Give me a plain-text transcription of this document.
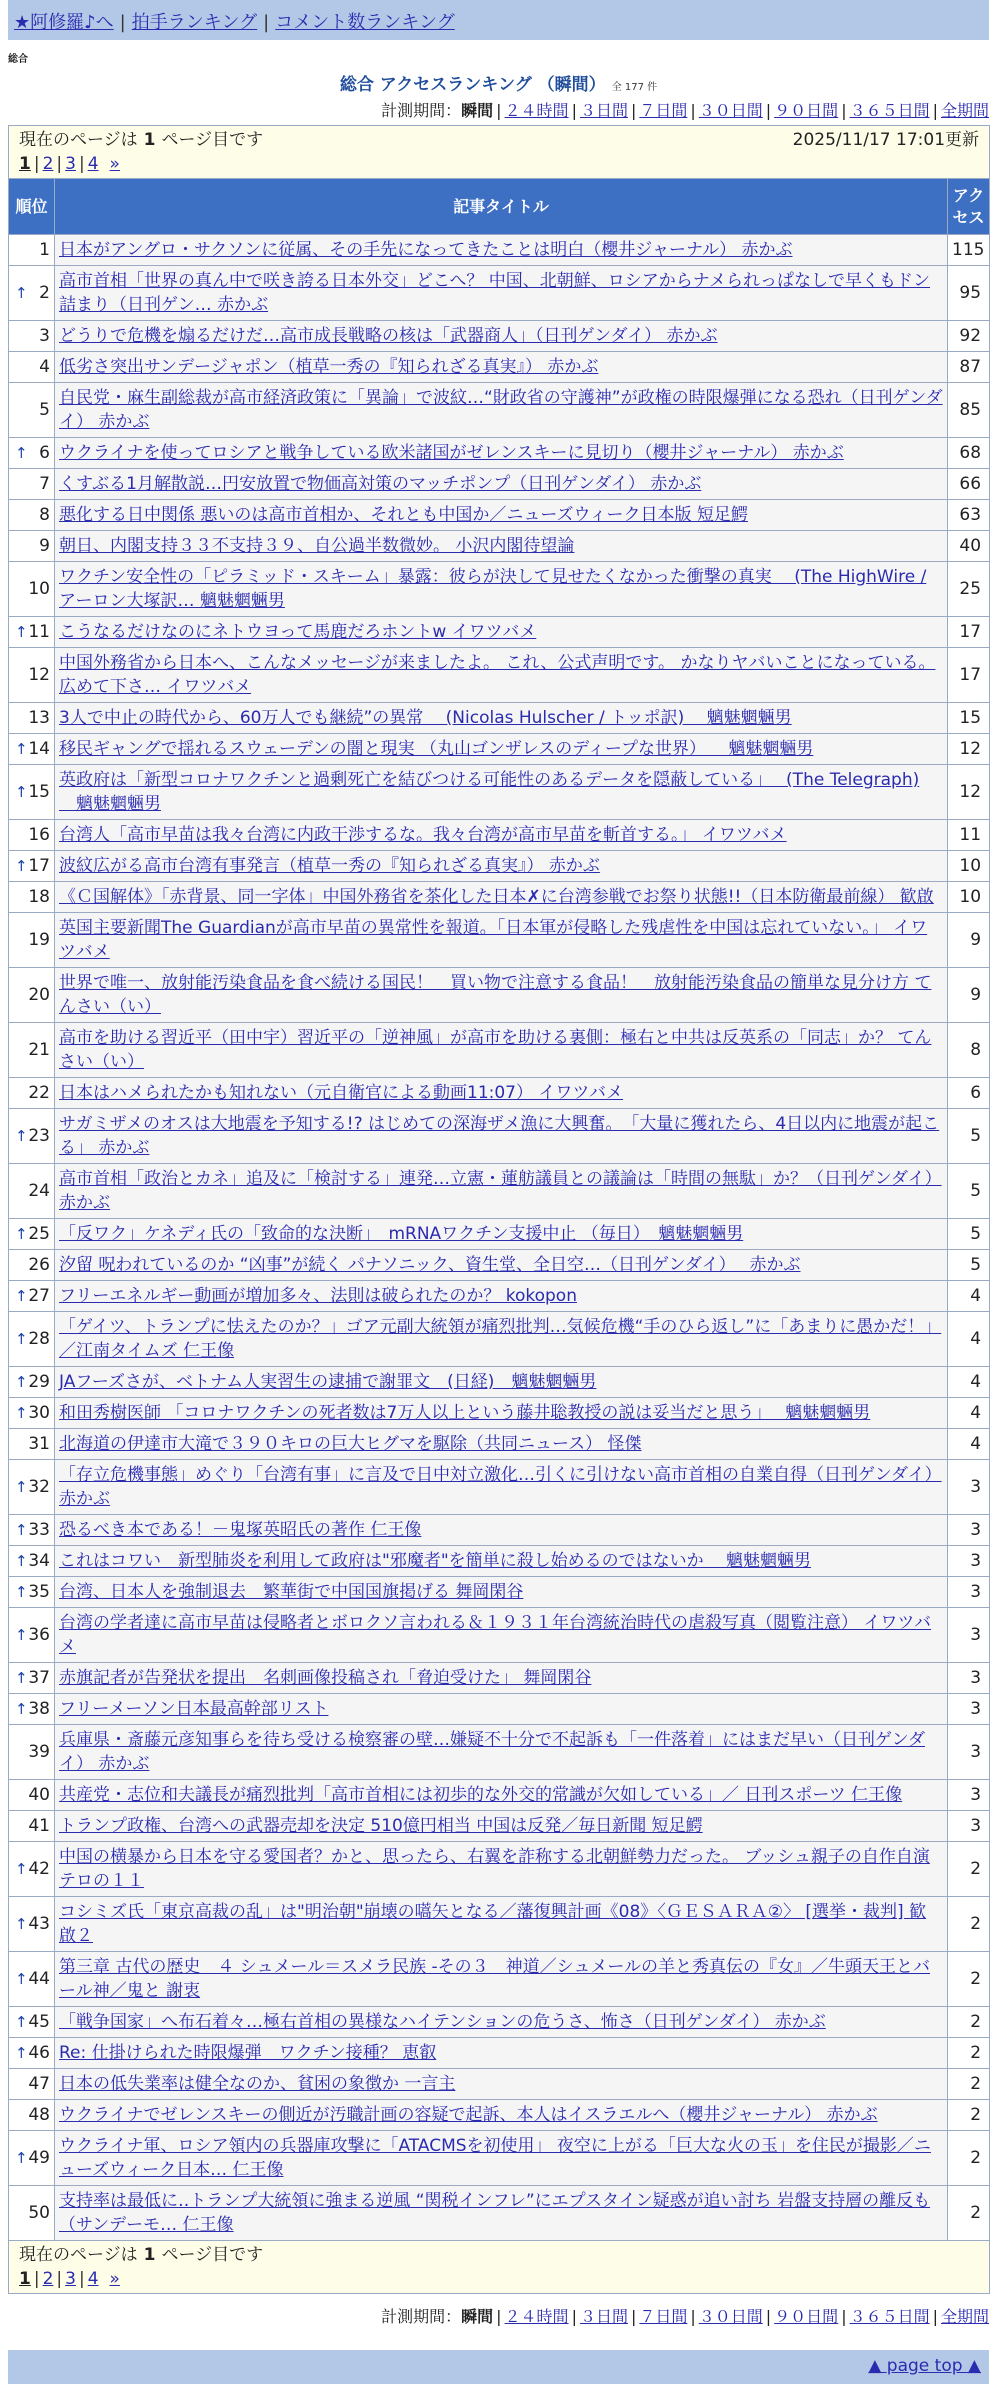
★阿修羅♪へ | 拍手ランキング | コメント数ランキング
総合
総合 アクセスランキング （瞬間） 全 177 件
計測期間：瞬間 | ２４時間 | ３日間 | ７日間 | ３０日間 | ９０日間 | ３６５日間 | 全期間
現在のページは 1 ページ目です 2025/11/17 17:01更新
1 | 2 | 3 | 4 »		

順位	記事タイトル	アクセス
1	日本がアングロ・サクソンに従属、その手先になってきたことは明白（櫻井ジャーナル） 赤かぶ	115

↑ 2	高市首相「世界の真ん中で咲き誇る日本外交」どこへ？ 中国、北朝鮮、ロシアからナメられっぱなしで早くもドン詰まり（日刊ゲン… 赤かぶ	95
3	どうりで危機を煽るだけだ…高市成長戦略の核は「武器商人」（日刊ゲンダイ） 赤かぶ	92
4	低劣さ突出サンデージャポン（植草一秀の『知られざる真実』） 赤かぶ	87
5	自民党・麻生副総裁が高市経済政策に「異論」で波紋…“財政省の守護神”が政権の時限爆弾になる恐れ（日刊ゲンダイ） 赤かぶ	85

↑ 6	ウクライナを使ってロシアと戦争している欧米諸国がゼレンスキーに見切り（櫻井ジャーナル） 赤かぶ	68
7	くすぶる1月解散説…円安放置で物価高対策のマッチポンプ（日刊ゲンダイ） 赤かぶ	66
8	悪化する日中関係 悪いのは高市首相か、それとも中国か／ニューズウィーク日本版 短足鰐	63
9	朝日、内閣支持３３不支持３９、自公過半数微妙。 小沢内閣待望論	40
10	ワクチン安全性の「ピラミッド・スキーム」暴露：彼らが決して見せたくなかった衝撃の真実 　(The HighWire / アーロン大塚訳… 魑魅魍魎男	25

↑ 11	こうなるだけなのにネトウヨって馬鹿だろホントw イワツバメ	17
12	中国外務省から日本へ、こんなメッセージが来ましたよ。 これ、公式声明です。 かなりヤバいことになっている。 広めて下さ… イワツバメ	17
13	3人で中止の時代から、60万人でも継続”の異常　 (Nicolas Hulscher / トッポ訳) 　魑魅魍魎男	15

↑ 14	移民ギャングで揺れるスウェーデンの闇と現実 （丸山ゴンザレスのディープな世界） 　魑魅魍魎男	12

↑ 15	英政府は「新型コロナワクチンと過剰死亡を結びつける可能性のあるデータを隠蔽している」　 (The Telegraph) 　魑魅魍魎男	12
16	台湾人「高市早苗は我々台湾に内政干渉するな。我々台湾が高市早苗を斬首する。」 イワツバメ	11

↑ 17	波紋広がる高市台湾有事発言（植草一秀の『知られざる真実』） 赤かぶ	10
18	《Ｃ国解体》「赤背景、同一字体」中国外務省を茶化した日本✗に台湾参戦でお祭り状態!!（日本防衛最前線） 歓啟	10
19	英国主要新聞The Guardianが高市早苗の異常性を報道。「日本軍が侵略した残虐性を中国は忘れていない。」 イワツバメ	9
20	世界で唯一、放射能汚染食品を食べ続ける国民！　買い物で注意する食品！　放射能汚染食品の簡単な見分け方 てんさい（い）	9
21	高市を助ける習近平（田中宇）習近平の「逆神風」が高市を助ける裏側：極右と中共は反英系の「同志」か？ てんさい（い）	8
22	日本はハメられたかも知れない（元自衛官による動画11:07） イワツバメ	6

↑ 23	サガミザメのオスは大地震を予知する!? はじめての深海ザメ漁に大興奮。　「大量に獲れたら、4日以内に地震が起こる」 赤かぶ	5
24	高市首相「政治とカネ」追及に「検討する」連発…立憲・蓮舫議員との議論は「時間の無駄」か？（日刊ゲンダイ） 赤かぶ	5

↑ 25	「反ワク」ケネディ氏の「致命的な決断」　mRNAワクチン支援中止 （毎日）　魑魅魍魎男	5
26	汐留 呪われているのか “凶事”が続く パナソニック、資生堂、全日空…（日刊ゲンダイ）　 赤かぶ	5

↑ 27	フリーエネルギー動画が増加多々、法則は破られたのか？ kokopon	4

↑ 28	「ゲイツ、トランプに怯えたのか？」ゴア元副大統領が痛烈批判…気候危機“手のひら返し”に「あまりに愚かだ！」／江南タイムズ 仁王像	4

↑ 29	JAフーズさが、ベトナム人実習生の逮捕で謝罪文　(日経)　魑魅魍魎男	4

↑ 30	和田秀樹医師 「コロナワクチンの死者数は7万人以上という藤井聡教授の説は妥当だと思う」　 魑魅魍魎男	4
31	北海道の伊達市大滝で３９０キロの巨大ヒグマを駆除（共同ニュース） 怪傑	4

↑ 32	「存立危機事態」めぐり「台湾有事」に言及で日中対立激化…引くに引けない高市首相の自業自得（日刊ゲンダイ） 赤かぶ	3

↑ 33	恐るべき本である！－鬼塚英昭氏の著作 仁王像	3

↑ 34	これはコワい　新型肺炎を利用して政府は"邪魔者"を簡単に殺し始めるのではないか　 魑魅魍魎男	3

↑ 35	台湾、日本人を強制退去　繁華街で中国国旗掲げる 舞岡閑谷	3

↑ 36	台湾の学者達に高市早苗は侵略者とボロクソ言われる＆１９３１年台湾統治時代の虐殺写真（閲覧注意） イワツバメ	3

↑ 37	赤旗記者が告発状を提出　名刺画像投稿され「脅迫受けた」 舞岡閑谷	3

↑ 38	フリーメーソン日本最高幹部リスト	3
39	兵庫県・斎藤元彦知事らを待ち受ける検察審の壁…嫌疑不十分で不起訴も「一件落着」にはまだ早い（日刊ゲンダイ） 赤かぶ	3
40	共産党・志位和夫議長が痛烈批判「高市首相には初歩的な外交的常識が欠如している」／ 日刊スポーツ 仁王像	3
41	トランプ政権、台湾への武器売却を決定 510億円相当 中国は反発／毎日新聞 短足鰐	3

↑ 42	中国の横暴から日本を守る愛国者？かと、思ったら、右翼を詐称する北朝鮮勢力だった。 ブッシュ親子の自作自演テロの１１	2

↑ 43	コシミズ氏「東京高裁の乱」は"明治朝"崩壊の嚆矢となる／藩復興計画《08》〈ＧＥＳＡＲＡ②〉 [選挙・裁判] 歓啟２	2

↑ 44	第三章 古代の歴史　４ シュメール＝スメラ民族 -その３　神道／シュメールの羊と秀真伝の『女』／牛頭天王とバール神／鬼と 謝衷	2

↑ 45	「戦争国家」へ布石着々…極右首相の異様なハイテンションの危うさ、怖さ（日刊ゲンダイ） 赤かぶ	2

↑ 46	Re: 仕掛けられた時限爆弾　ワクチン接種？ 恵叡	2
47	日本の低失業率は健全なのか、貧困の象徴か 一言主	2
48	ウクライナでゼレンスキーの側近が汚職計画の容疑で起訴、本人はイスラエルへ（櫻井ジャーナル） 赤かぶ	2

↑ 49	ウクライナ軍、ロシア領内の兵器庫攻撃に「ATACMSを初使用」 夜空に上がる「巨大な火の玉」を住民が撮影／ニューズウィーク日本… 仁王像	2
50	支持率は最低に‥トランプ大統領に強まる逆風 “関税インフレ”にエプスタイン疑惑が追い討ち 岩盤支持層の離反も（サンデーモ… 仁王像	2

現在のページは 1 ページ目です
1 | 2 | 3 | 4 »		
計測期間：瞬間 | ２４時間 | ３日間 | ７日間 | ３０日間 | ９０日間 | ３６５日間 | 全期間
▲ page top ▲
